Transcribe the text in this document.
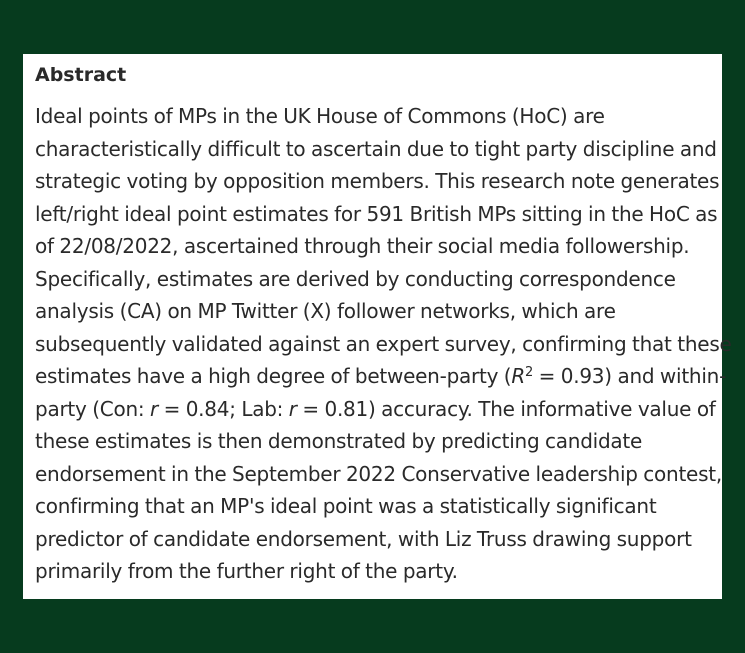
Abstract
Ideal points of MPs in the UK House of Commons (HoC) are
characteristically difficult to ascertain due to tight party discipline and
strategic voting by opposition members. This research note generates
left/right ideal point estimates for 591 British MPs sitting in the HoC as
of 22/08/2022, ascertained through their social media followership.
Specifically, estimates are derived by conducting correspondence
analysis (CA) on MP Twitter (X) follower networks, which are
subsequently validated against an expert survey, confirming that these
estimates have a high degree of between-party $(R^2 = 0.93)$ and within-
party (Con: r = 0.84; Lab: r = 0.81) accuracy. The informative value of
these estimates is then demonstrated by predicting candidate
endorsement in the September 2022 Conservative leadership contest,
confirming that an MP's ideal point was a statistically significant
predictor of candidate endorsement, with Liz Truss drawing support
primarily from the further right of the party.
